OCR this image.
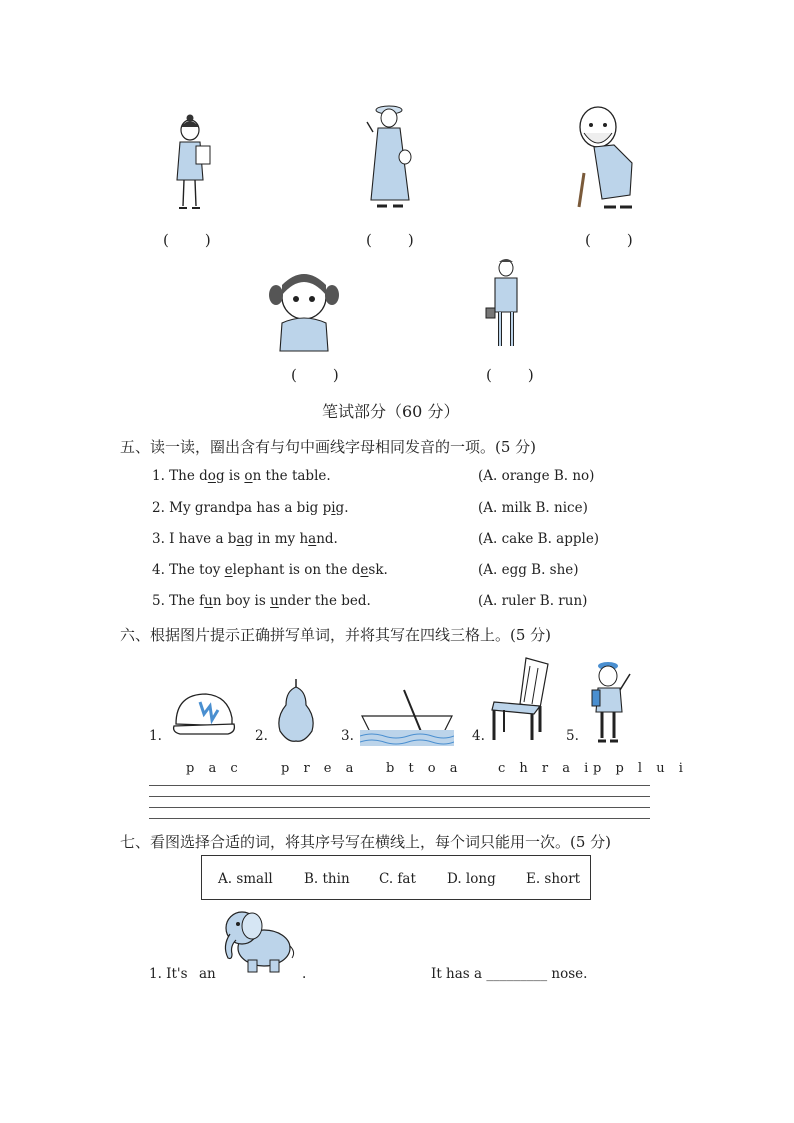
(　　)	(　　)	(　　)
(　　)	(　　)
笔试部分（60 分）
五、读一读，圈出含有与句中画线字母相同发音的一项。(5 分)
1. The dog is on the table.	(A. orange B. no)
2. My grandpa has a big pig.	(A. milk B. nice)
3. I have a bag in my hand.	(A. cake B. apple)
4. The toy elephant is on the desk.	(A. egg B. she)
5. The fun boy is under the bed.	(A. ruler B. run)
六、根据图片提示正确拼写单词，并将其写在四线三格上。(5 分)
1.	2.	3.	4.	5.
p a c	p r e a b t o a	c h r a i p p l u i
七、看图选择合适的词，将其序号写在横线上，每个词只能用一次。(5 分)
A. small B. thin C. fat D. long E. short
1. It's an	.	It has a _________ nose.
